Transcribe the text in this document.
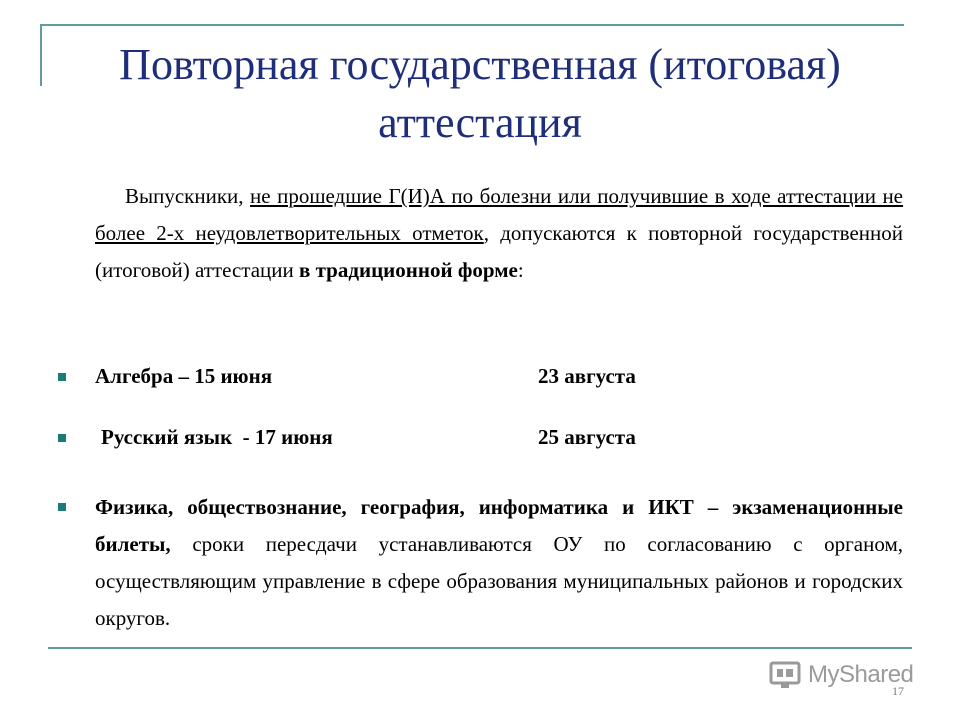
Повторная государственная (итоговая) аттестация
Выпускники, не прошедшие Г(И)А по болезни или получившие в ходе аттестации не более 2-х неудовлетворительных отметок, допускаются к повторной государственной (итоговой) аттестации в традиционной форме:
Алгебра – 15 июня	23 августа
Русский язык  - 17 июня	25 августа
Физика, обществознание, география, информатика и ИКТ – экзаменационные билеты, сроки пересдачи устанавливаются ОУ по согласованию с органом, осуществляющим управление в сфере образования муниципальных районов и городских округов.
MyShared
17
